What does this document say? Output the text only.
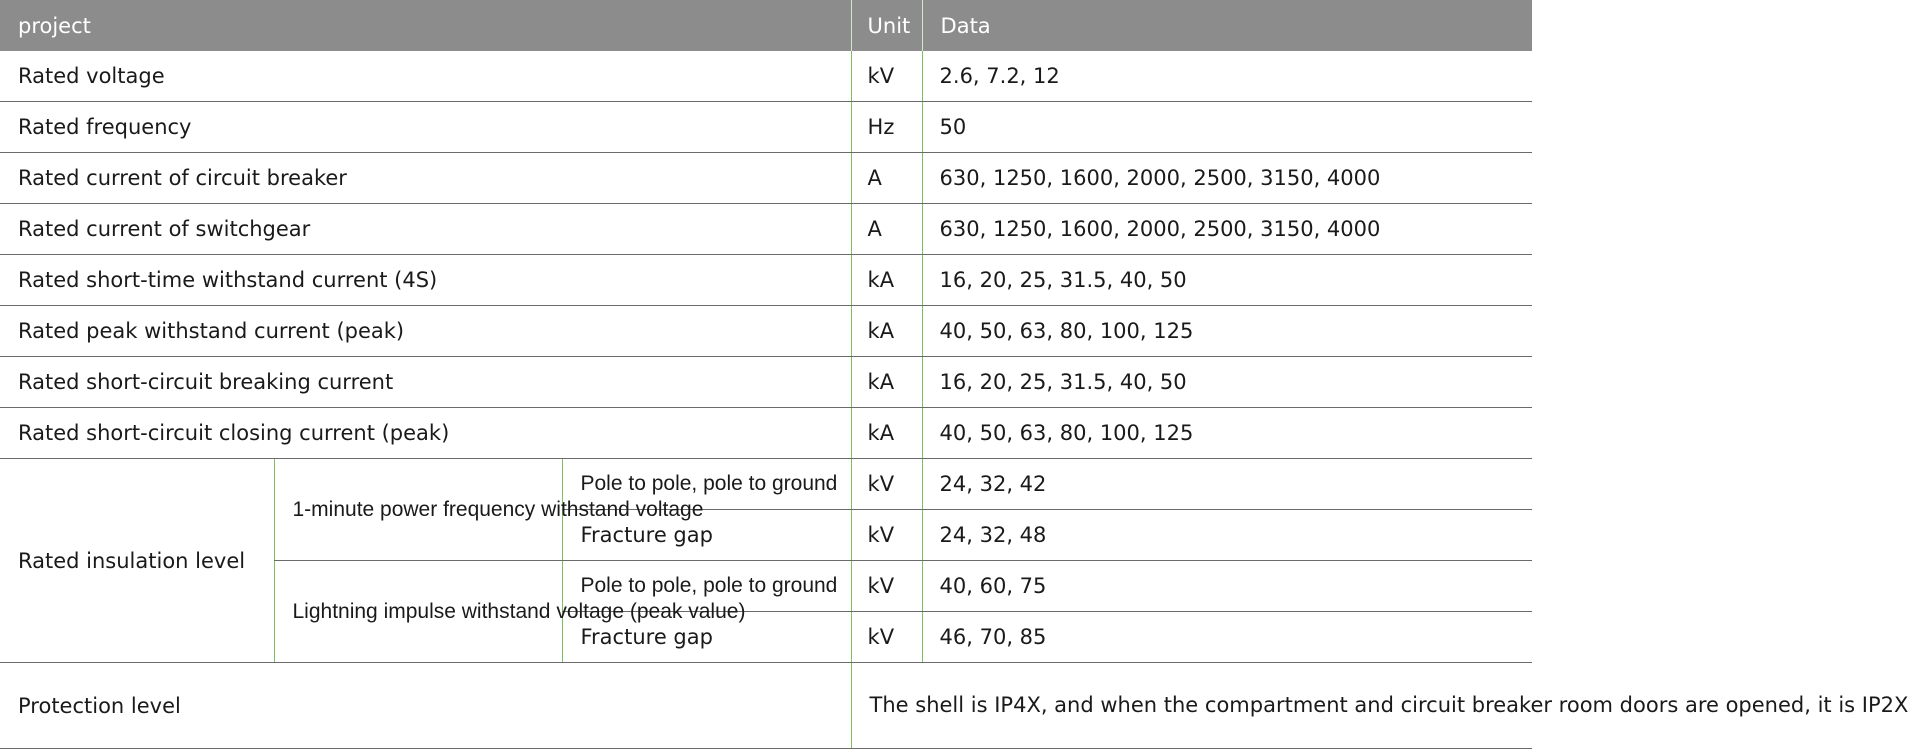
project			Unit	Data
Rated voltage			kV	2.6, 7.2, 12
Rated frequency			Hz	50
Rated current of circuit breaker			A	630, 1250, 1600, 2000, 2500, 3150, 4000
Rated current of switchgear			A	630, 1250, 1600, 2000, 2500, 3150, 4000
Rated short-time withstand current (4S)			kA	16, 20, 25, 31.5, 40, 50
Rated peak withstand current (peak)			kA	40, 50, 63, 80, 100, 125
Rated short-circuit breaking current			kA	16, 20, 25, 31.5, 40, 50
Rated short-circuit closing current (peak)			kA	40, 50, 63, 80, 100, 125
Rated insulation level	1-minute power frequency withstand voltage	Pole to pole, pole to ground	kV	24, 32, 42
		Fracture gap	kV	24, 32, 48
	Lightning impulse withstand voltage (peak value)	Pole to pole, pole to ground	kV	40, 60, 75
		Fracture gap	kV	46, 70, 85
Protection level			The shell is IP4X, and when the compartment and circuit breaker room doors are opened, it is IP2X	
